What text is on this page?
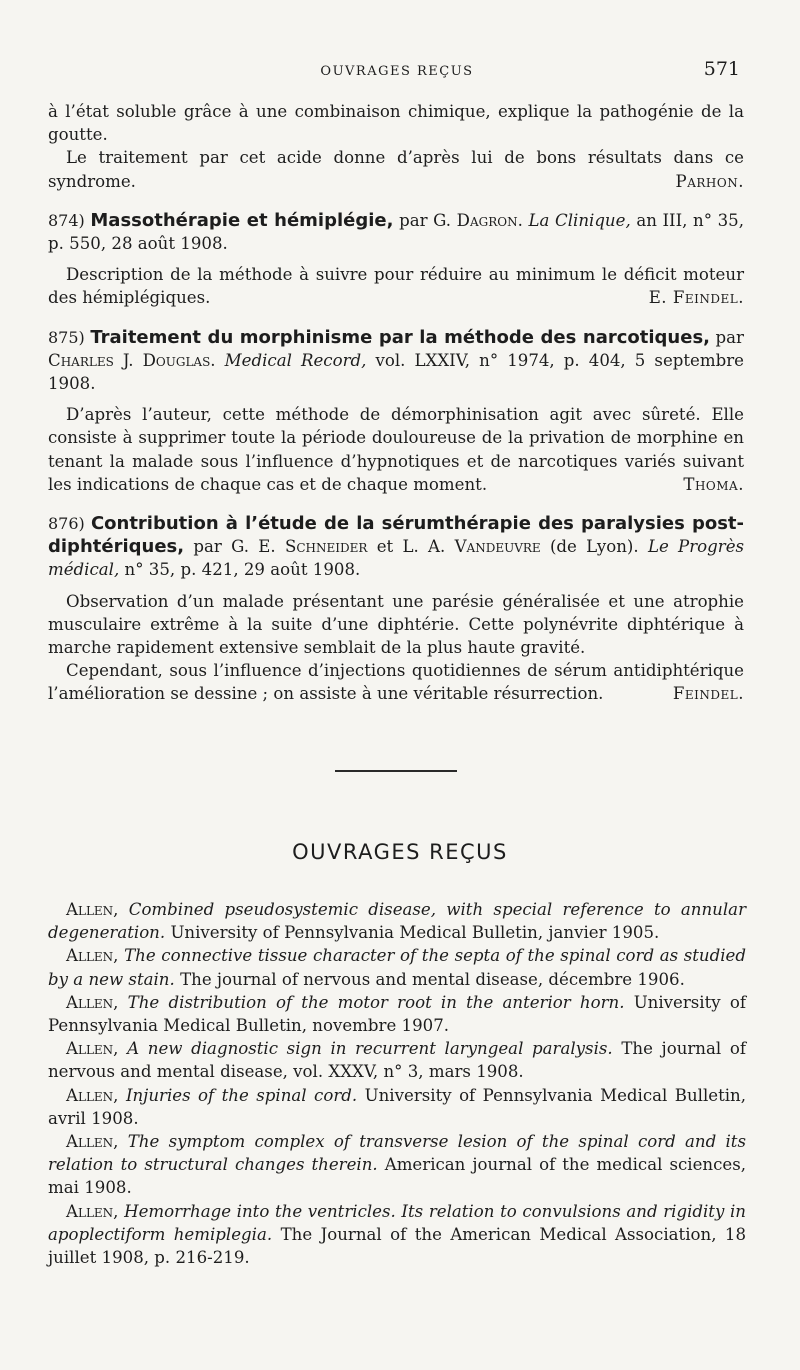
OUVRAGES REÇUS	571

à l’état soluble grâce à une combinaison chimique, explique la pathogénie de la goutte.

Le traitement par cet acide donne d’après lui de bons résultats dans ce syndrome.	Parhon.

874) Massothérapie et hémiplégie, par G. Dagron. La Clinique, an III, n° 35, p. 550, 28 août 1908.

Description de la méthode à suivre pour réduire au minimum le déficit moteur des hémiplégiques.	E. Feindel.

875) Traitement du morphinisme par la méthode des narcotiques, par Charles J. Douglas. Medical Record, vol. LXXIV, n° 1974, p. 404, 5 septembre 1908.

D’après l’auteur, cette méthode de démorphinisation agit avec sûreté. Elle consiste à supprimer toute la période douloureuse de la privation de morphine en tenant la malade sous l’influence d’hypnotiques et de narcotiques variés suivant les indications de chaque cas et de chaque moment.	Thoma.

876) Contribution à l’étude de la sérumthérapie des paralysies post-diphtériques, par G. E. Schneider et L. A. Vandeuvre (de Lyon). Le Progrès médical, n° 35, p. 421, 29 août 1908.

Observation d’un malade présentant une parésie généralisée et une atrophie musculaire extrême à la suite d’une diphtérie. Cette polynévrite diphtérique à marche rapidement extensive semblait de la plus haute gravité.

Cependant, sous l’influence d’injections quotidiennes de sérum antidiphtérique l’amélioration se dessine ; on assiste à une véritable résurrection.	Feindel.

OUVRAGES REÇUS

Allen, Combined pseudosystemic disease, with special reference to annular degeneration. University of Pennsylvania Medical Bulletin, janvier 1905.

Allen, The connective tissue character of the septa of the spinal cord as studied by a new stain. The journal of nervous and mental disease, décembre 1906.

Allen, The distribution of the motor root in the anterior horn. University of Pennsylvania Medical Bulletin, novembre 1907.

Allen, A new diagnostic sign in recurrent laryngeal paralysis. The journal of nervous and mental disease, vol. XXXV, n° 3, mars 1908.

Allen, Injuries of the spinal cord. University of Pennsylvania Medical Bulletin, avril 1908.

Allen, The symptom complex of transverse lesion of the spinal cord and its relation to structural changes therein. American journal of the medical sciences, mai 1908.

Allen, Hemorrhage into the ventricles. Its relation to convulsions and rigidity in apoplectiform hemiplegia. The Journal of the American Medical Association, 18 juillet 1908, p. 216-219.
